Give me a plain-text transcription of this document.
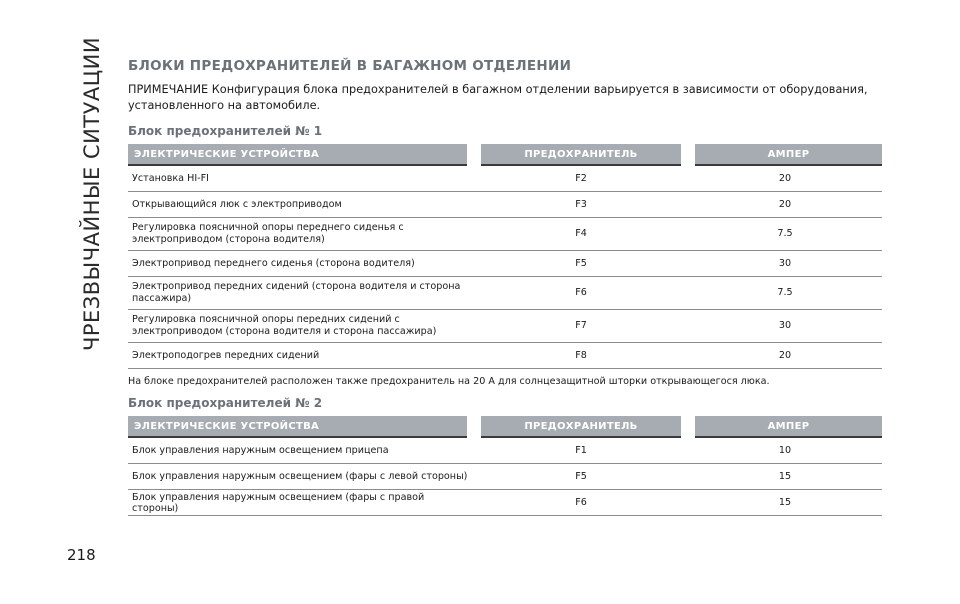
ЧРЕЗВЫЧАЙНЫЕ СИТУАЦИИ
218
БЛОКИ ПРЕДОХРАНИТЕЛЕЙ В БАГАЖНОМ ОТДЕЛЕНИИ
ПРИМЕЧАНИЕ Конфигурация блока предохранителей в багажном отделении варьируется в зависимости от оборудования, установленного на автомобиле.
Блок предохранителей № 1
ЭЛЕКТРИЧЕСКИЕ УСТРОЙСТВА	ПРЕДОХРАНИТЕЛЬ	АМПЕР
Установка HI-FI	F2	20
Открывающийся люк с электроприводом	F3	20
Регулировка поясничной опоры переднего сиденья с электроприводом (сторона водителя)	F4	7.5
Электропривод переднего сиденья (сторона водителя)	F5	30
Электропривод передних сидений (сторона водителя и сторона пассажира)	F6	7.5
Регулировка поясничной опоры передних сидений с электроприводом (сторона водителя и сторона пассажира)	F7	30
Электроподогрев передних сидений	F8	20
На блоке предохранителей расположен также предохранитель на 20 А для солнцезащитной шторки открывающегося люка.
Блок предохранителей № 2
ЭЛЕКТРИЧЕСКИЕ УСТРОЙСТВА	ПРЕДОХРАНИТЕЛЬ	АМПЕР
Блок управления наружным освещением прицепа	F1	10
Блок управления наружным освещением (фары с левой стороны)	F5	15
Блок управления наружным освещением (фары с правой стороны)	F6	15
